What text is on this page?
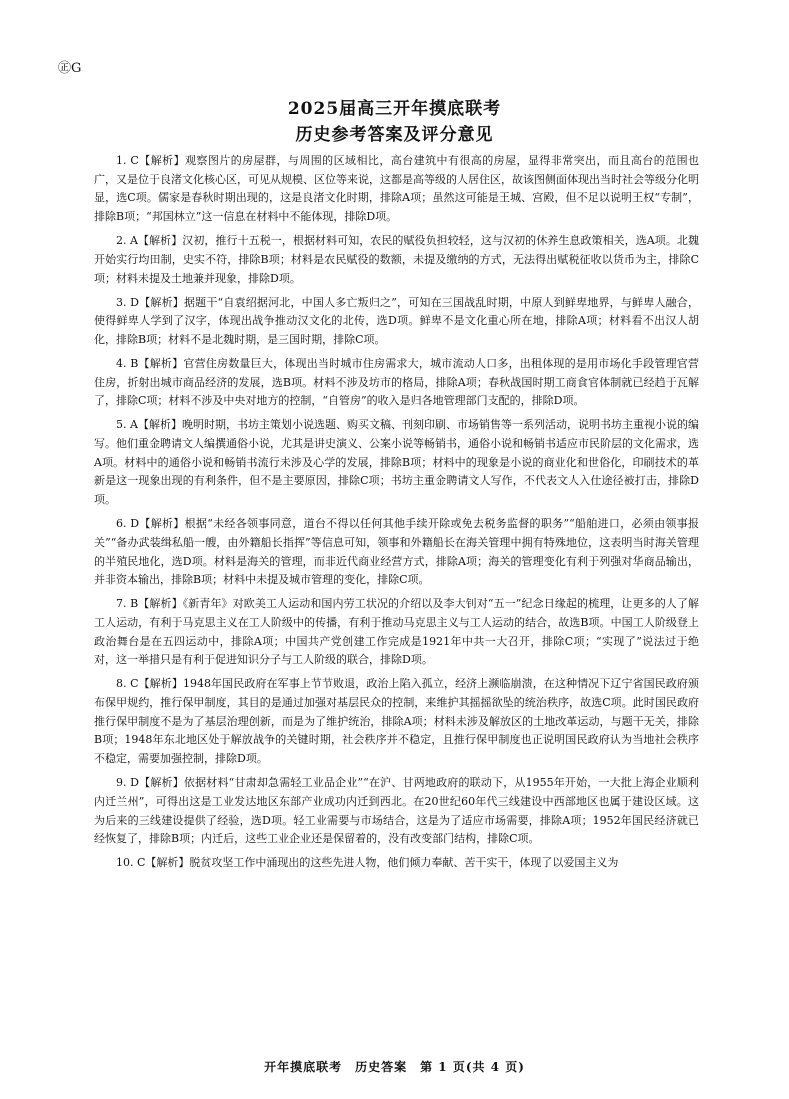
㊣G
2025届高三开年摸底联考
历史参考答案及评分意见

1. C【解析】观察图片的房屋群，与周围的区域相比，高台建筑中有很高的房屋，显得非常突出，而且高台的范围也广，又是位于良渚文化核心区，可见从规模、区位等来说，这都是高等级的人居住区，故该图侧面体现出当时社会等级分化明显，选C项。儒家是春秋时期出现的，这是良渚文化时期，排除A项；虽然这可能是王城、宫殿，但不足以说明王权“专制”，排除B项；“邦国林立”这一信息在材料中不能体现，排除D项。

2. A【解析】汉初，推行十五税一，根据材料可知，农民的赋役负担较轻，这与汉初的休养生息政策相关，选A项。北魏开始实行均田制，史实不符，排除B项；材料是农民赋役的数额，未提及缴纳的方式，无法得出赋税征收以货币为主，排除C项；材料未提及土地兼并现象，排除D项。

3. D【解析】据题干“自袁绍据河北，中国人多亡叛归之”，可知在三国战乱时期，中原人到鲜卑地界，与鲜卑人融合，使得鲜卑人学到了汉字，体现出战争推动汉文化的北传，选D项。鲜卑不是文化重心所在地，排除A项；材料看不出汉人胡化，排除B项；材料不是北魏时期，是三国时期，排除C项。

4. B【解析】官营住房数量巨大，体现出当时城市住房需求大，城市流动人口多，出租体现的是用市场化手段管理官营住房，折射出城市商品经济的发展，选B项。材料不涉及坊市的格局，排除A项；春秋战国时期工商食官体制就已经趋于瓦解了，排除C项；材料不涉及中央对地方的控制，“自管房”的收入是归各地管理部门支配的，排除D项。

5. A【解析】晚明时期，书坊主策划小说选题、购买文稿、刊刻印刷、市场销售等一系列活动，说明书坊主重视小说的编写。他们重金聘请文人编撰通俗小说，尤其是讲史演义、公案小说等畅销书，通俗小说和畅销书适应市民阶层的文化需求，选A项。材料中的通俗小说和畅销书流行未涉及心学的发展，排除B项；材料中的现象是小说的商业化和世俗化，印刷技术的革新是这一现象出现的有利条件，但不是主要原因，排除C项；书坊主重金聘请文人写作，不代表文人入仕途径被打击，排除D项。

6. D【解析】根据“未经各领事同意，道台不得以任何其他手续开除或免去税务监督的职务”“船舶进口，必须由领事报关”“备办武装缉私船一艘，由外籍船长指挥”等信息可知，领事和外籍船长在海关管理中拥有特殊地位，这表明当时海关管理的半殖民地化，选D项。材料是海关的管理，而非近代商业经营方式，排除A项；海关的管理变化有利于列强对华商品输出，并非资本输出，排除B项；材料中未提及城市管理的变化，排除C项。

7. B【解析】《新青年》对欧美工人运动和国内劳工状况的介绍以及李大钊对“五一”纪念日缘起的梳理，让更多的人了解工人运动，有利于马克思主义在工人阶级中的传播，有利于推动马克思主义与工人运动的结合，故选B项。中国工人阶级登上政治舞台是在五四运动中，排除A项；中国共产党创建工作完成是1921年中共一大召开，排除C项；“实现了”说法过于绝对，这一举措只是有利于促进知识分子与工人阶级的联合，排除D项。

8. C【解析】1948年国民政府在军事上节节败退，政治上陷入孤立，经济上濒临崩溃，在这种情况下辽宁省国民政府颁布保甲规约，推行保甲制度，其目的是通过加强对基层民众的控制，来维护其摇摇欲坠的统治秩序，故选C项。此时国民政府推行保甲制度不是为了基层治理创新，而是为了维护统治，排除A项；材料未涉及解放区的土地改革运动，与题干无关，排除B项；1948年东北地区处于解放战争的关键时期，社会秩序并不稳定，且推行保甲制度也正说明国民政府认为当地社会秩序不稳定，需要加强控制，排除D项。

9. D【解析】依据材料“甘肃却急需轻工业品企业”“在沪、甘两地政府的联动下，从1955年开始，一大批上海企业顺利内迁兰州”，可得出这是工业发达地区东部产业成功内迁到西北。在20世纪60年代三线建设中西部地区也属于建设区域。这为后来的三线建设提供了经验，选D项。轻工业需要与市场结合，这是为了适应市场需要，排除A项；1952年国民经济就已经恢复了，排除B项；内迁后，这些工业企业还是保留着的，没有改变部门结构，排除C项。

10. C【解析】脱贫攻坚工作中涌现出的这些先进人物，他们倾力奉献、苦干实干，体现了以爱国主义为

开年摸底联考　历史答案　第 1 页(共 4 页)
